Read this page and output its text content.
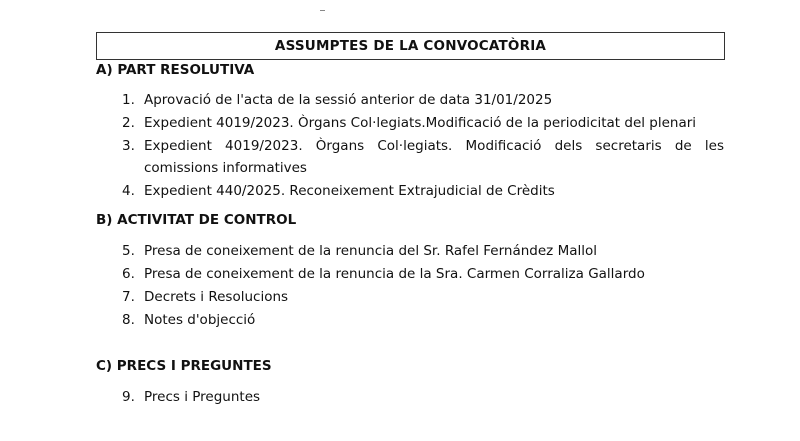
ASSUMPTES DE LA CONVOCATÒRIA
A) PART RESOLUTIVA
1. Aprovació de l'acta de la sessió anterior de data 31/01/2025
2. Expedient 4019/2023. Òrgans Col·legiats.Modificació de la periodicitat del plenari
3. Expedient 4019/2023. Òrgans Col·legiats. Modificació dels secretaris de les comissions informatives
4. Expedient 440/2025. Reconeixement Extrajudicial de Crèdits
B) ACTIVITAT DE CONTROL
5. Presa de coneixement de la renuncia del Sr. Rafel Fernández Mallol
6. Presa de coneixement de la renuncia de la Sra. Carmen Corraliza Gallardo
7. Decrets i Resolucions
8. Notes d'objecció
C) PRECS I PREGUNTES
9. Precs i Preguntes
